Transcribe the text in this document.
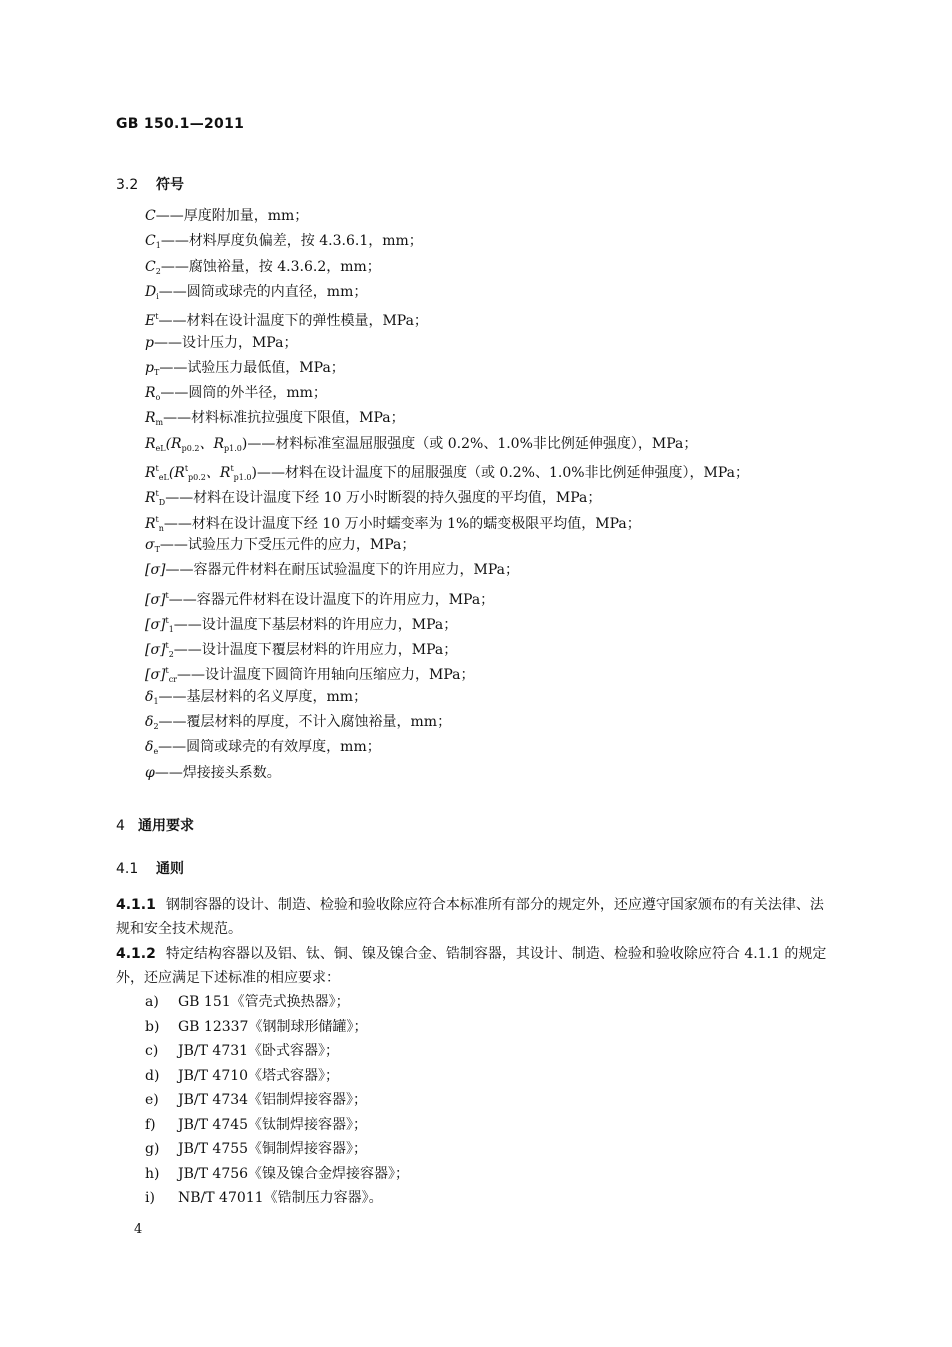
GB 150.1—2011
3.2 符号
C——厚度附加量，mm；
$C_1——$材料厚度负偏差，按 4.3.6.1，mm；
$C_2——$腐蚀裕量，按 4.3.6.2，mm；
$D_i——$圆筒或球壳的内直径，mm；
$E^t——$材料在设计温度下的弹性模量，MPa；
p——设计压力，MPa；
$p_T——$试验压力最低值，MPa；
$R_o——$圆筒的外半径，mm；
$R_m——$材料标准抗拉强度下限值，MPa；
$R_{eL}(R_{p0.2}$、$R_{p1.0})——$材料标准室温屈服强度（或 0.2%、1.0%非比例延伸强度），MPa；
$R^t_{eL}(R^t_{p0.2}$、$R^t_{p1.0})——$材料在设计温度下的屈服强度（或 0.2%、1.0%非比例延伸强度），MPa；
$R^t_D——$材料在设计温度下经 10 万小时断裂的持久强度的平均值，MPa；
$R^t_n——$材料在设计温度下经 10 万小时蠕变率为 1%的蠕变极限平均值，MPa；
$\sigma_T——$试验压力下受压元件的应力，MPa；
[σ]——容器元件材料在耐压试验温度下的许用应力，MPa；
$[\sigma]^t——$容器元件材料在设计温度下的许用应力，MPa；
$[\sigma]^t_1——$设计温度下基层材料的许用应力，MPa；
$[\sigma]^t_2——$设计温度下覆层材料的许用应力，MPa；
$[\sigma]^t_{cr}——$设计温度下圆筒许用轴向压缩应力，MPa；
$\delta_1——$基层材料的名义厚度，mm；
$\delta_2——$覆层材料的厚度，不计入腐蚀裕量，mm；
$\delta_e——$圆筒或球壳的有效厚度，mm；
φ——焊接接头系数。
4 通用要求
4.1 通则
4.1.1 钢制容器的设计、制造、检验和验收除应符合本标准所有部分的规定外，还应遵守国家颁布的有关法律、法规和安全技术规范。
4.1.2 特定结构容器以及铝、钛、铜、镍及镍合金、锆制容器，其设计、制造、检验和验收除应符合 4.1.1 的规定外，还应满足下述标准的相应要求：
a) GB 151《管壳式换热器》；
b) GB 12337《钢制球形储罐》；
c) JB/T 4731《卧式容器》；
d) JB/T 4710《塔式容器》；
e) JB/T 4734《铝制焊接容器》；
f) JB/T 4745《钛制焊接容器》；
g) JB/T 4755《铜制焊接容器》；
h) JB/T 4756《镍及镍合金焊接容器》；
i) NB/T 47011《锆制压力容器》。
4
